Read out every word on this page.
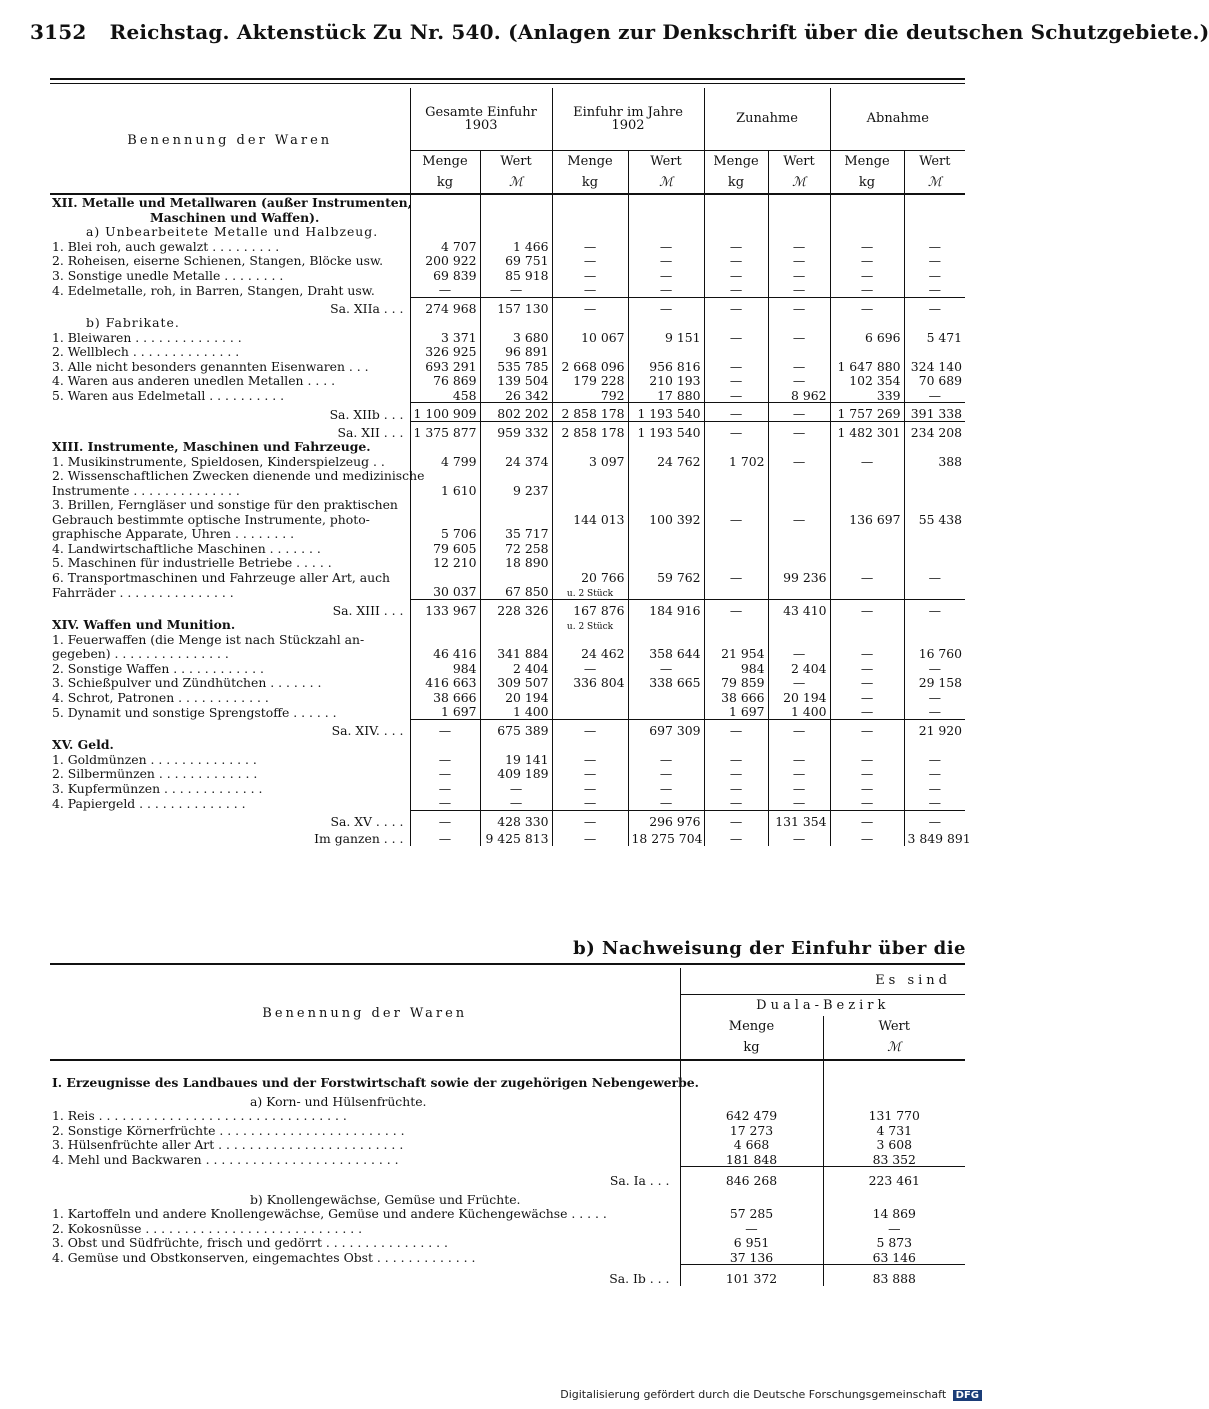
3152 Reichstag. Aktenstück Zu Nr. 540. (Anlagen zur Denkschrift über die deutschen Schutzgebiete.)
Benennung der Waren	Gesamte Einfuhr 1903		Einfuhr im Jahre 1902		Zunahme		Abnahme	
	Menge	Wert	Menge	Wert	Menge	Wert	Menge	Wert
	kg	ℳ	kg	ℳ	kg	ℳ	kg	ℳ
XII. Metalle und Metallwaren (außer Instrumenten,								
Maschinen und Waffen).								
a) Unbearbeitete Metalle und Halbzeug.								
1. Blei roh, auch gewalzt . . . . . . . . .	4 707	1 466	—	—	—	—	—	—
2. Roheisen, eiserne Schienen, Stangen, Blöcke usw.	200 922	69 751	—	—	—	—	—	—
3. Sonstige unedle Metalle . . . . . . . .	69 839	85 918	—	—	—	—	—	—
4. Edelmetalle, roh, in Barren, Stangen, Draht usw.	—	—	—	—	—	—	—	—
Sa. XIIa . . .	274 968	157 130	—	—	—	—	—	—
b) Fabrikate.								
1. Bleiwaren . . . . . . . . . . . . . .	3 371	3 680	10 067	9 151	—	—	6 696	5 471
2. Wellblech . . . . . . . . . . . . . .	326 925	96 891						
3. Alle nicht besonders genannten Eisenwaren . . .	693 291	535 785	2 668 096	956 816	—	—	1 647 880	324 140
4. Waren aus anderen unedlen Metallen . . . .	76 869	139 504	179 228	210 193	—	—	102 354	70 689
5. Waren aus Edelmetall . . . . . . . . . .	458	26 342	792	17 880	—	8 962	339	—
Sa. XIIb . . .	1 100 909	802 202	2 858 178	1 193 540	—	—	1 757 269	391 338
Sa. XII . . .	1 375 877	959 332	2 858 178	1 193 540	—	—	1 482 301	234 208
XIII. Instrumente, Maschinen und Fahrzeuge.								
1. Musikinstrumente, Spieldosen, Kinderspielzeug . .	4 799	24 374	3 097	24 762	1 702	—	—	388
2. Wissenschaftlichen Zwecken dienende und medizinische								
Instrumente . . . . . . . . . . . . . .	1 610	9 237						
3. Brillen, Ferngläser und sonstige für den praktischen								
Gebrauch bestimmte optische Instrumente, photo-			144 013	100 392	—	—	136 697	55 438
graphische Apparate, Uhren . . . . . . . .	5 706	35 717						
4. Landwirtschaftliche Maschinen . . . . . . .	79 605	72 258						
5. Maschinen für industrielle Betriebe . . . . .	12 210	18 890						
6. Transportmaschinen und Fahrzeuge aller Art, auch			20 766	59 762	—	99 236	—	—
Fahrräder . . . . . . . . . . . . . . .	30 037	67 850	u. 2 Stück					
Sa. XIII . . .	133 967	228 326	167 876	184 916	—	43 410	—	—
XIV. Waffen und Munition.			u. 2 Stück					
1. Feuerwaffen (die Menge ist nach Stückzahl an-								
gegeben) . . . . . . . . . . . . . . .	46 416	341 884	24 462	358 644	21 954	—	—	16 760
2. Sonstige Waffen . . . . . . . . . . . .	984	2 404	—	—	984	2 404	—	—
3. Schießpulver und Zündhütchen . . . . . . .	416 663	309 507	336 804	338 665	79 859	—	—	29 158
4. Schrot, Patronen . . . . . . . . . . . .	38 666	20 194			38 666	20 194	—	—
5. Dynamit und sonstige Sprengstoffe . . . . . .	1 697	1 400			1 697	1 400	—	—
Sa. XIV. . . .	—	675 389	—	697 309	—	—	—	21 920
XV. Geld.								
1. Goldmünzen . . . . . . . . . . . . . .	—	19 141	—	—	—	—	—	—
2. Silbermünzen . . . . . . . . . . . . .	—	409 189	—	—	—	—	—	—
3. Kupfermünzen . . . . . . . . . . . . .	—	—	—	—	—	—	—	—
4. Papiergeld . . . . . . . . . . . . . .	—	—	—	—	—	—	—	—
Sa. XV . . . .	—	428 330	—	296 976	—	131 354	—	—
Im ganzen . . .	—	9 425 813	—	18 275 704	—	—	—	3 849 891
b) Nachweisung der Einfuhr über die
Benennung der Waren	Es sind	
	Duala-Bezirk	
	Menge	Wert
	kg	ℳ
I. Erzeugnisse des Landbaues und der Forstwirtschaft sowie der zugehörigen Nebengewerbe.		
a) Korn- und Hülsenfrüchte.		
1. Reis . . . . . . . . . . . . . . . . . . . . . . . . . . . . . . . .	642 479	131 770
2. Sonstige Körnerfrüchte . . . . . . . . . . . . . . . . . . . . . . . .	17 273	4 731
3. Hülsenfrüchte aller Art . . . . . . . . . . . . . . . . . . . . . . . .	4 668	3 608
4. Mehl und Backwaren . . . . . . . . . . . . . . . . . . . . . . . . .	181 848	83 352
Sa. Ia . . .	846 268	223 461
b) Knollengewächse, Gemüse und Früchte.		
1. Kartoffeln und andere Knollengewächse, Gemüse und andere Küchengewächse . . . . .	57 285	14 869
2. Kokosnüsse . . . . . . . . . . . . . . . . . . . . . . . . . . . .	—	—
3. Obst und Südfrüchte, frisch und gedörrt . . . . . . . . . . . . . . . .	6 951	5 873
4. Gemüse und Obstkonserven, eingemachtes Obst . . . . . . . . . . . . .	37 136	63 146
Sa. Ib . . .	101 372	83 888
Digitalisierung gefördert durch die Deutsche Forschungsgemeinschaft DFG
